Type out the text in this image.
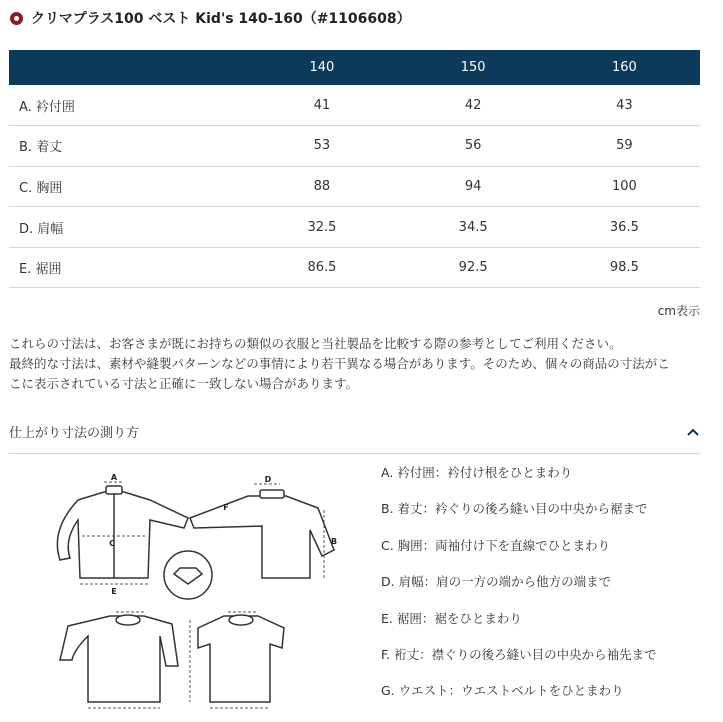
クリマプラス100 ベスト Kid's 140-160（#1106608）
	140	150	160
A. 衿付囲	41	42	43
B. 着丈	53	56	59
C. 胸囲	88	94	100
D. 肩幅	32.5	34.5	36.5
E. 裾囲	86.5	92.5	98.5
cm表示
これらの寸法は、お客さまが既にお持ちの類似の衣服と当社製品を比較する際の参考としてご利用ください。
最終的な寸法は、素材や縫製パターンなどの事情により若干異なる場合があります。そのため、個々の商品の寸法がこ
こに表示されている寸法と正確に一致しない場合があります。
仕上がり寸法の測り方
A
B
C
D
E
F
A. 衿付囲：衿付け根をひとまわり
B. 着丈：衿ぐりの後ろ縫い目の中央から裾まで
C. 胸囲：両袖付け下を直線でひとまわり
D. 肩幅：肩の一方の端から他方の端まで
E. 裾囲：裾をひとまわり
F. 裄丈：襟ぐりの後ろ縫い目の中央から袖先まで
G. ウエスト：ウエストベルトをひとまわり
